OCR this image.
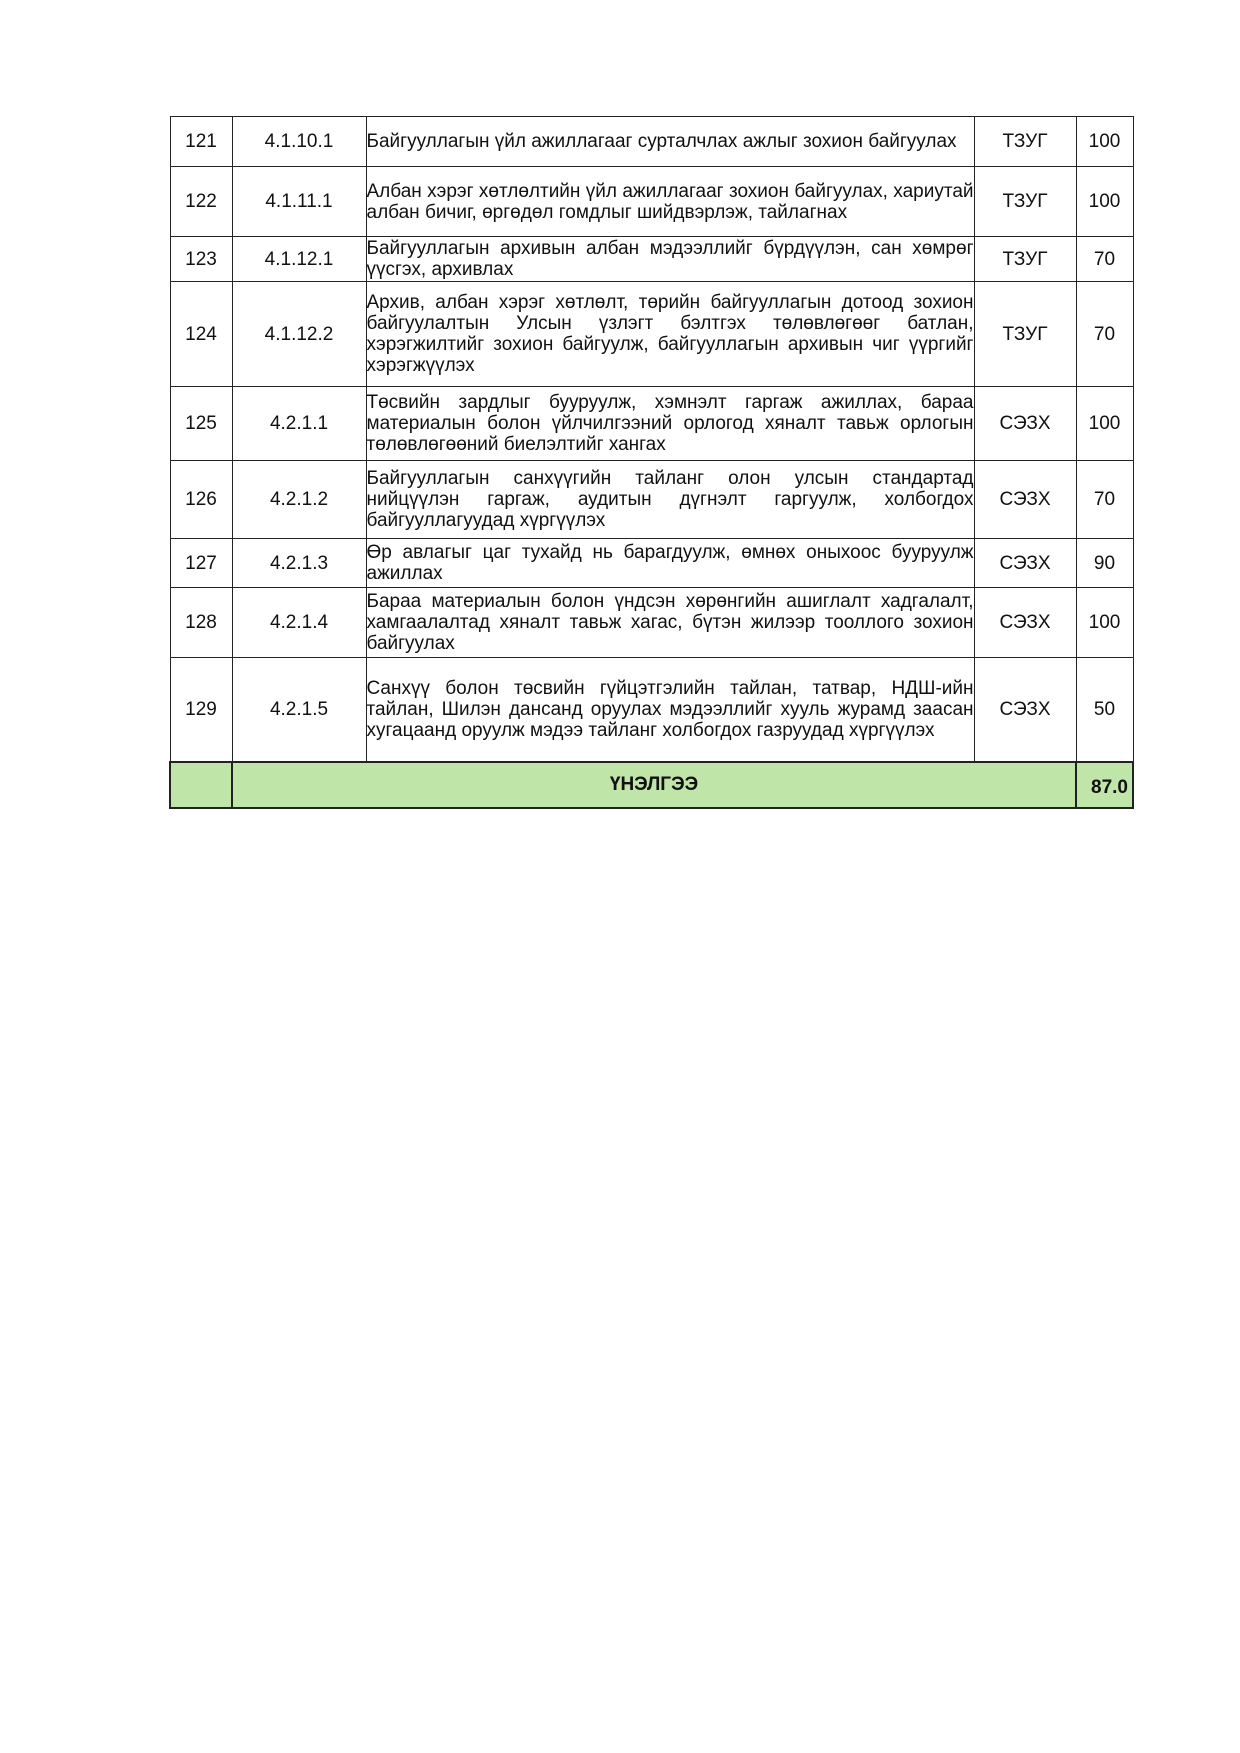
121	4.1.10.1	Байгууллагын үйл ажиллагааг сурталчлах ажлыг зохион байгуулах	ТЗУГ	100
122	4.1.11.1	Албан хэрэг хөтлөлтийн үйл ажиллагааг зохион байгуулах, хариутай албан бичиг, өргөдөл гомдлыг шийдвэрлэж, тайлагнах	ТЗУГ	100
123	4.1.12.1	Байгууллагын архивын албан мэдээллийг бүрдүүлэн, сан хөмрөг үүсгэх, архивлах	ТЗУГ	70
124	4.1.12.2	Архив, албан хэрэг хөтлөлт, төрийн байгууллагын дотоод зохион байгуулалтын Улсын үзлэгт бэлтгэх төлөвлөгөөг батлан, хэрэгжилтийг зохион байгуулж, байгууллагын архивын чиг үүргийг хэрэгжүүлэх	ТЗУГ	70
125	4.2.1.1	Төсвийн зардлыг бууруулж, хэмнэлт гаргаж ажиллах, бараа материалын болон үйлчилгээний орлогод хяналт тавьж орлогын төлөвлөгөөний биелэлтийг хангах	СЭЗХ	100
126	4.2.1.2	Байгууллагын санхүүгийн тайланг олон улсын стандартад нийцүүлэн гаргаж, аудитын дүгнэлт гаргуулж, холбогдох байгууллагуудад хүргүүлэх	СЭЗХ	70
127	4.2.1.3	Өр авлагыг цаг тухайд нь барагдуулж, өмнөх оныхоос бууруулж ажиллах	СЭЗХ	90
128	4.2.1.4	Бараа материалын болон үндсэн хөрөнгийн ашиглалт хадгалалт, хамгаалалтад хяналт тавьж хагас, бүтэн жилээр тооллого зохион байгуулах	СЭЗХ	100
129	4.2.1.5	Санхүү болон төсвийн гүйцэтгэлийн тайлан, татвар, НДШ-ийн тайлан, Шилэн дансанд оруулах мэдээллийг хууль журамд заасан хугацаанд оруулж мэдээ тайланг холбогдох газруудад хүргүүлэх	СЭЗХ	50
	ҮНЭЛГЭЭ			87.0
